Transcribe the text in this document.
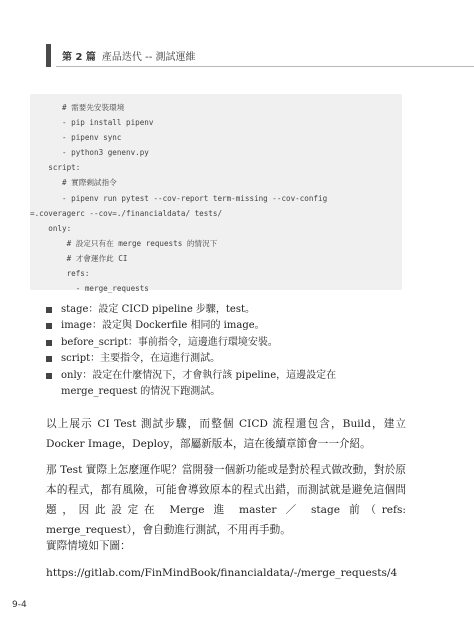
第 2 篇 產品迭代 -- 測試運維
# 需要先安裝環境
- pip install pipenv
- pipenv sync
- python3 genenv.py
script:
# 實際剩試指令
- pipenv run pytest --cov-report term-missing --cov-config
=.coveragerc --cov=./financialdata/ tests/
only:
# 設定只有在 merge requests 的情況下
# 才會運作此 CI
refs:
- merge_requests
stage：設定 CICD pipeline 步驟，test。
image：設定與 Dockerfile 相同的 image。
before_script：事前指令，這邊進行環境安裝。
script：主要指令，在這進行測試。
only：設定在什麼情況下，才會執行該 pipeline，這邊設定在 merge_request 的情況下跑測試。

以上展示 CI Test 測試步驟，而整個 CICD 流程還包含，Build，建立 Docker Image，Deploy，部屬新版本，這在後續章節會一一介紹。

那 Test 實際上怎麼運作呢？當開發一個新功能或是對於程式做改動，對於原本的程式，都有風險，可能會導致原本的程式出錯，而測試就是避免這個問題，因此設定在 Merge 進 master ／ stage 前（refs: merge_request），會自動進行測試，不用再手動。

實際情境如下圖：

https://gitlab.com/FinMindBook/financialdata/-/merge_requests/4

9-4
